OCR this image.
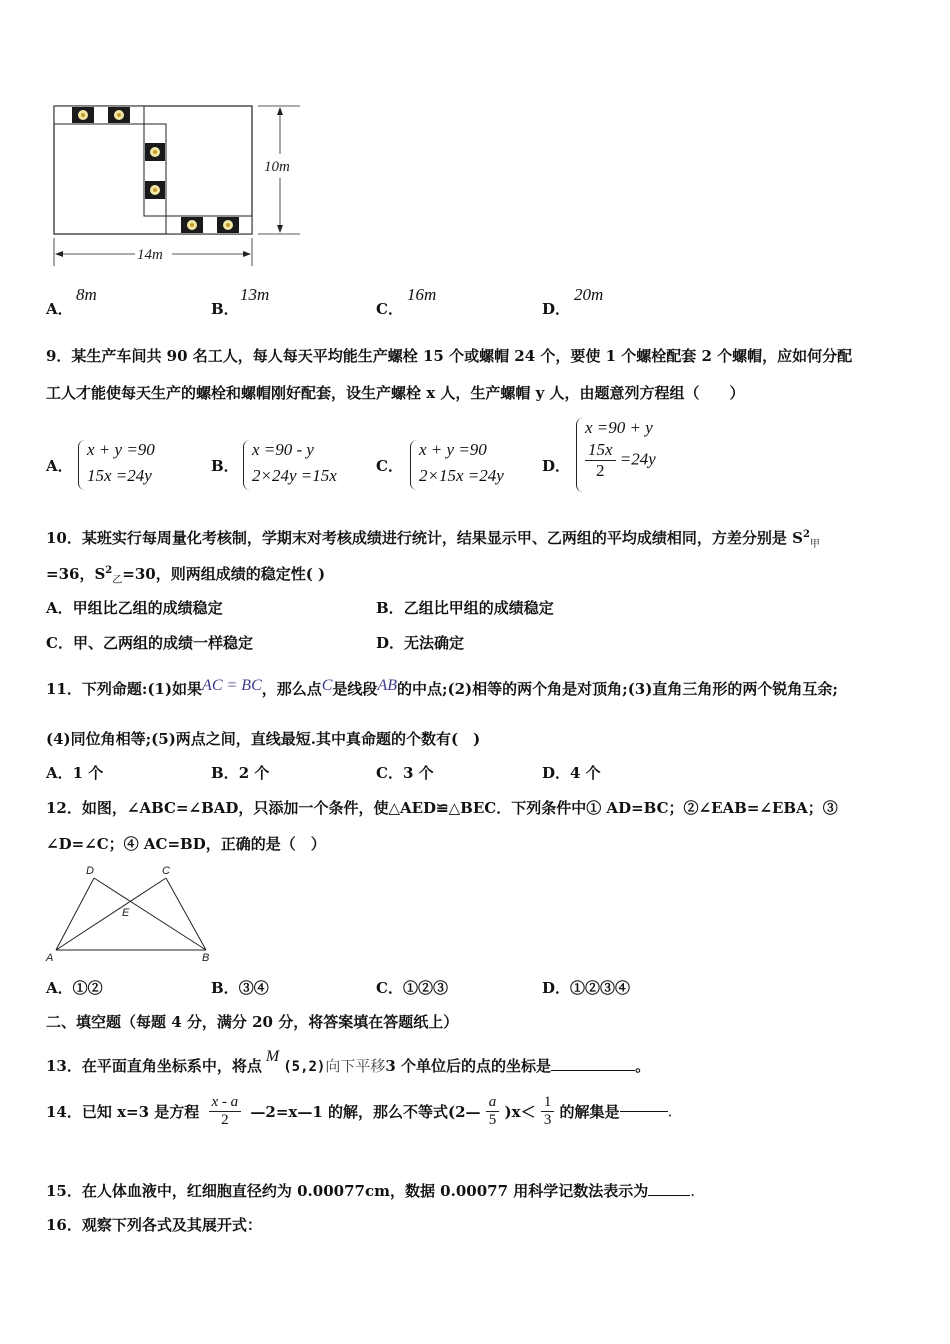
10m
14m
A．
8m
B．
13m
C．
16m
D．
20m
9．某生产车间共 90 名工人，每人每天平均能生产螺栓 15 个或螺帽 24 个，要使 1 个螺栓配套 2 个螺帽，应如何分配
工人才能使每天生产的螺栓和螺帽刚好配套，设生产螺栓 x 人，生产螺帽 y 人，由题意列方程组（　　）
A．
x + y =90
15x =24y	B．
x =90 - y
2×24y =15x	C．
x + y =90
2×15x =24y	D．
x =90 + y
$\frac{15x}{2} =24y$
10．某班实行每周量化考核制，学期末对考核成绩进行统计，结果显示甲、乙两组的平均成绩相同，方差分别是 $S^2_甲$
=36，$S^2_乙=30$，则两组成绩的稳定性( )
A．甲组比乙组的成绩稳定	B．乙组比甲组的成绩稳定
C．甲、乙两组的成绩一样稳定	D．无法确定
11．下列命题:(1)如果AC = BC，那么点C是线段AB的中点;(2)相等的两个角是对顶角;(3)直角三角形的两个锐角互余;
(4)同位角相等;(5)两点之间，直线最短.其中真命题的个数有(　)
A．1 个	B．2 个	C．3 个	D．4 个
12．如图，∠ABC=∠BAD，只添加一个条件，使△AED≌△BEC．下列条件中① AD=BC；②∠EAB=∠EBA；③
∠D=∠C；④ AC=BD，正确的是（　）
D	C
E
A	B
A．①②	B．③④	C．①②③	D．①②③④
二、填空题（每题 4 分，满分 20 分，将答案填在答题纸上）
13．在平面直角坐标系中，将点M(5,2)向下平移3 个单位后的点的坐标是	。
14．已知 x=3 是方程 $\frac{x - a}{2}$ —2=x—1 的解，那么不等式(2— $\frac{a}{5} )x< \frac{1}{3}$ 的解集是	.
15．在人体血液中，红细胞直径约为 0.00077cm，数据 0.00077 用科学记数法表示为	.
16．观察下列各式及其展开式：
